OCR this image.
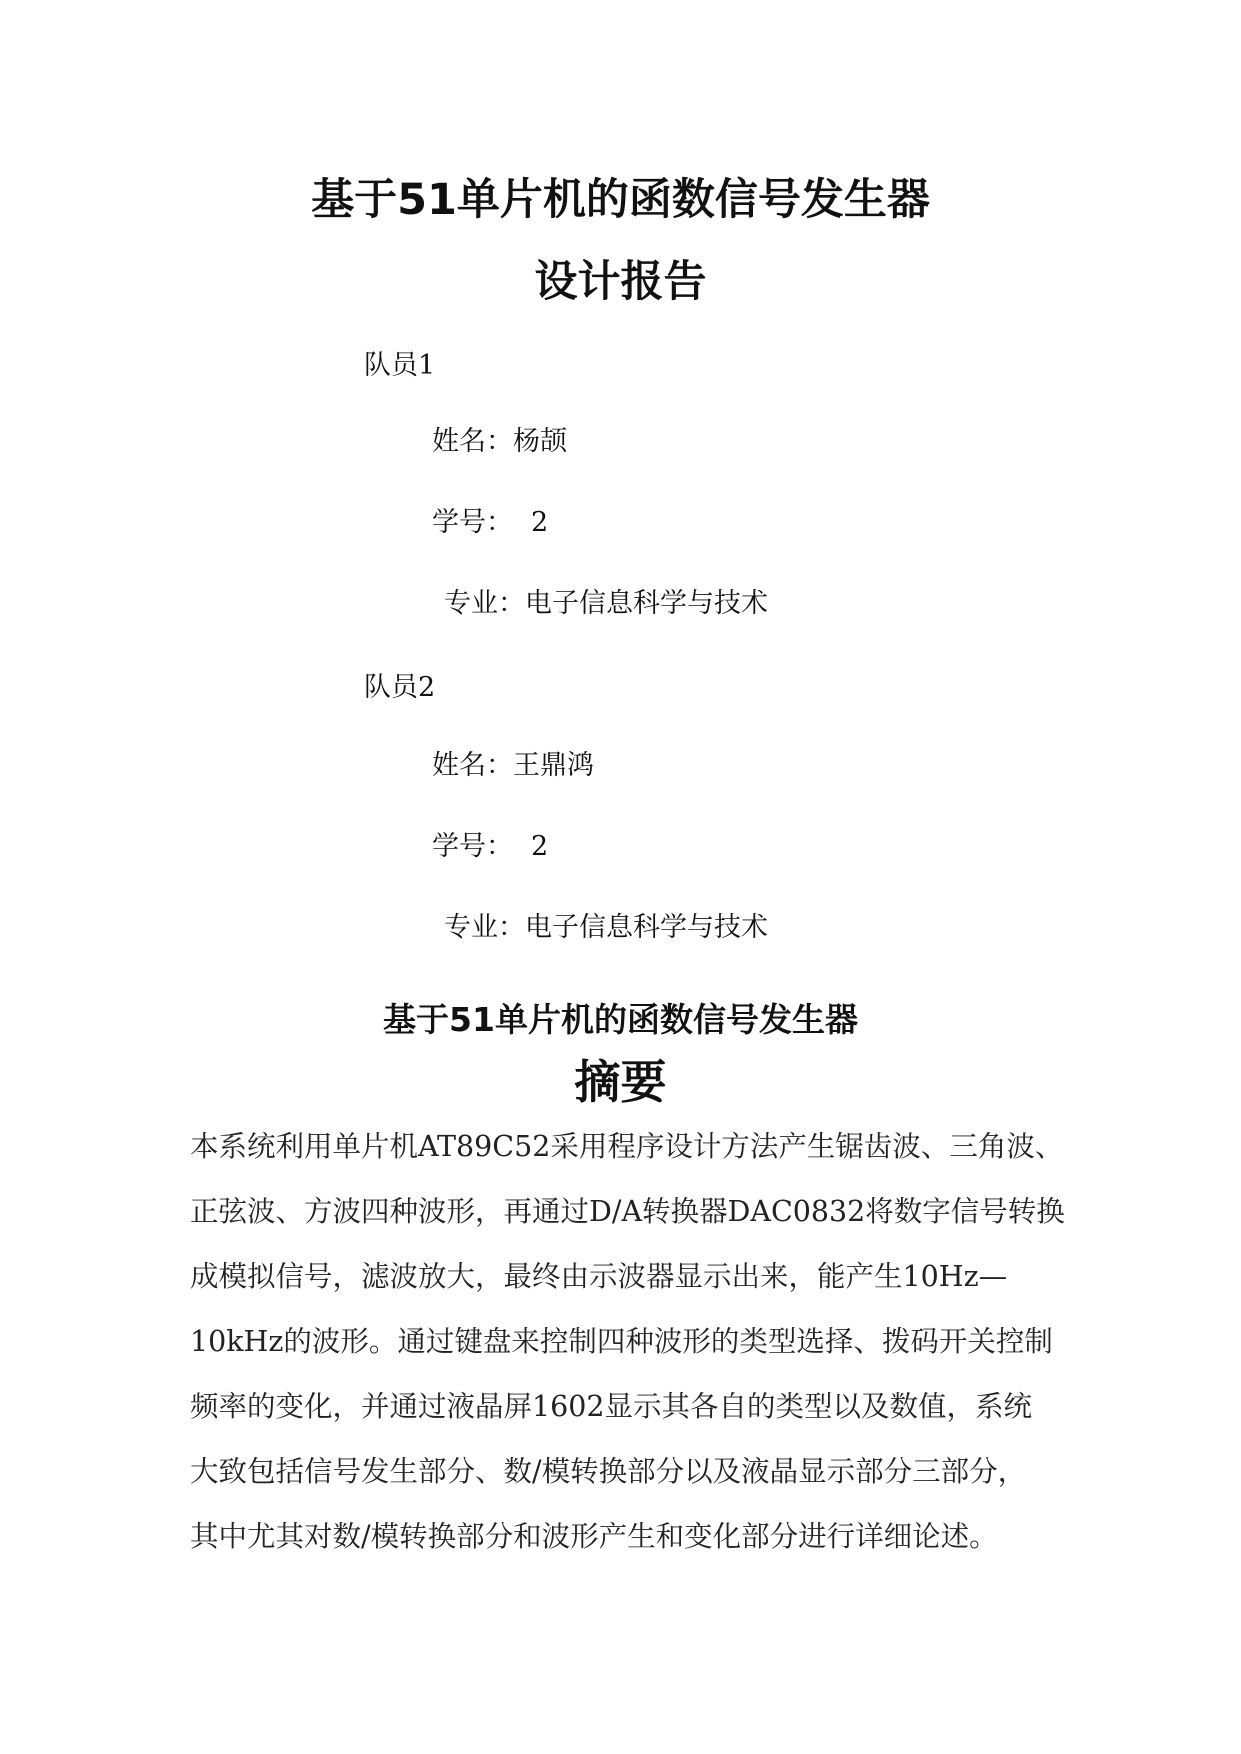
基于51单片机的函数信号发生器
设计报告
队员1
姓名：杨颉
学号： 2
专业：电子信息科学与技术
队员2
姓名：王鼎鸿
学号： 2
专业：电子信息科学与技术
基于51单片机的函数信号发生器
摘要
本系统利用单片机AT89C52采用程序设计方法产生锯齿波、三角波、
正弦波、方波四种波形，再通过D/A转换器DAC0832将数字信号转换
成模拟信号，滤波放大，最终由示波器显示出来，能产生10Hz—
10kHz的波形。通过键盘来控制四种波形的类型选择、拨码开关控制
频率的变化，并通过液晶屏1602显示其各自的类型以及数值，系统
大致包括信号发生部分、数/模转换部分以及液晶显示部分三部分，
其中尤其对数/模转换部分和波形产生和变化部分进行详细论述。
